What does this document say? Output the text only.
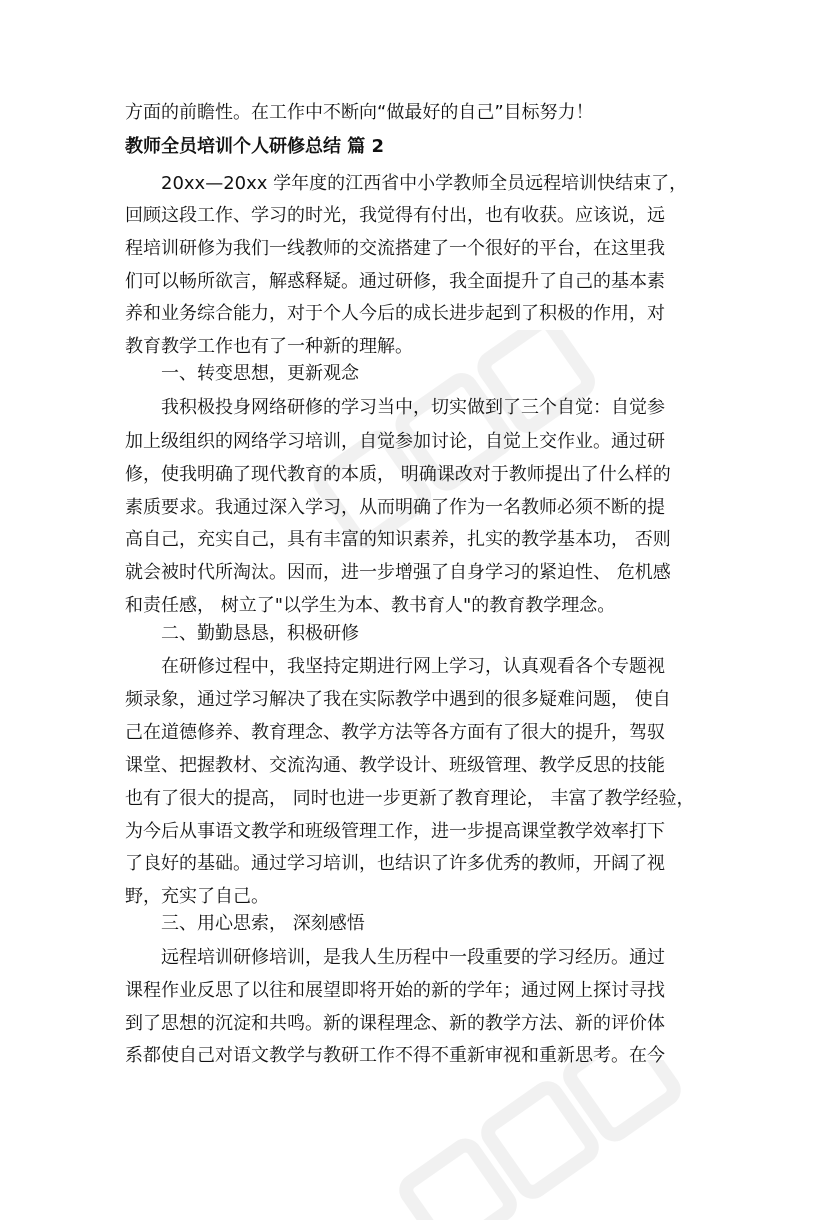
方面的前瞻性。在工作中不断向“做最好的自己”目标努力！
教师全员培训个人研修总结 篇 2
20xx—20xx 学年度的江西省中小学教师全员远程培训快结束了，
回顾这段工作、学习的时光，我觉得有付出，也有收获。应该说，远
程培训研修为我们一线教师的交流搭建了一个很好的平台，在这里我
们可以畅所欲言，解惑释疑。通过研修，我全面提升了自己的基本素
养和业务综合能力，对于个人今后的成长进步起到了积极的作用，对
教育教学工作也有了一种新的理解。
一、转变思想，更新观念
我积极投身网络研修的学习当中，切实做到了三个自觉：自觉参
加上级组织的网络学习培训，自觉参加讨论，自觉上交作业。通过研
修，使我明确了现代教育的本质， 明确课改对于教师提出了什么样的
素质要求。我通过深入学习，从而明确了作为一名教师必须不断的提
高自己，充实自己，具有丰富的知识素养，扎实的教学基本功， 否则
就会被时代所淘汰。因而，进一步增强了自身学习的紧迫性、 危机感
和责任感， 树立了"以学生为本、教书育人"的教育教学理念。
二、勤勤恳恳，积极研修
在研修过程中，我坚持定期进行网上学习，认真观看各个专题视
频录象，通过学习解决了我在实际教学中遇到的很多疑难问题， 使自
己在道德修养、教育理念、教学方法等各方面有了很大的提升，驾驭
课堂、把握教材、交流沟通、教学设计、班级管理、教学反思的技能
也有了很大的提高， 同时也进一步更新了教育理论， 丰富了教学经验，
为今后从事语文教学和班级管理工作，进一步提高课堂教学效率打下
了良好的基础。通过学习培训，也结识了许多优秀的教师，开阔了视
野，充实了自己。
三、用心思索， 深刻感悟
远程培训研修培训，是我人生历程中一段重要的学习经历。通过
课程作业反思了以往和展望即将开始的新的学年；通过网上探讨寻找
到了思想的沉淀和共鸣。新的课程理念、新的教学方法、新的评价体
系都使自己对语文教学与教研工作不得不重新审视和重新思考。在今
